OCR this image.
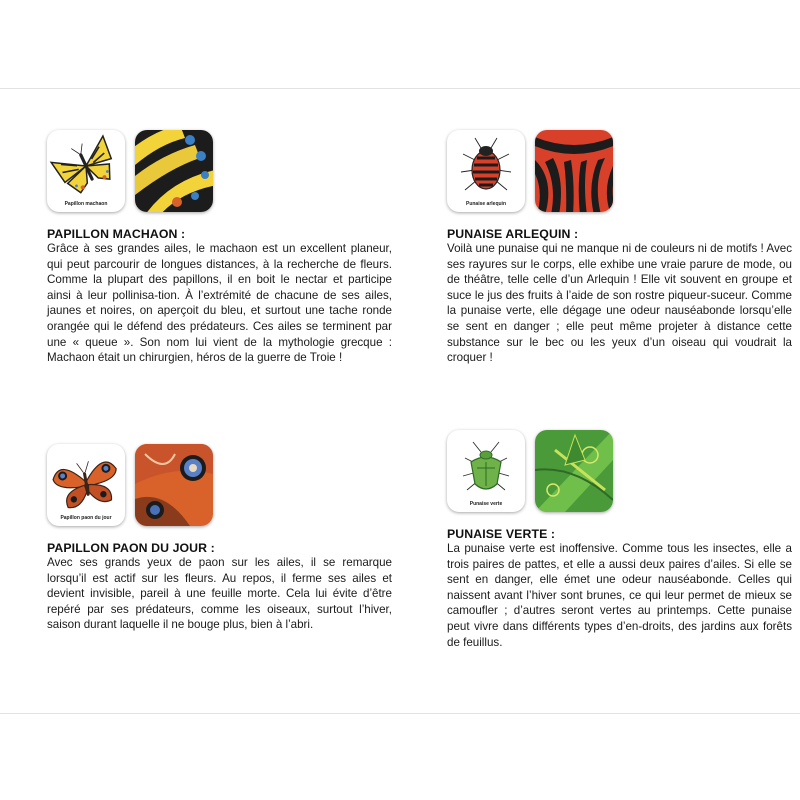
Papillon machaon
PAPILLON MACHAON :

Grâce à ses grandes ailes, le machaon est un excellent planeur, qui peut parcourir de longues distances, à la recherche de fleurs. Comme la plupart des papillons, il en boit le nectar et participe ainsi à leur pollinisa-tion. À l’extrémité de chacune de ses ailes, jaunes et noires, on aperçoit du bleu, et surtout une tache ronde orangée qui le défend des prédateurs. Ces ailes se terminent par une « queue ». Son nom lui vient de la mythologie grecque : Machaon était un chirurgien, héros de la guerre de Troie !

Punaise arlequin
PUNAISE ARLEQUIN :

Voilà une punaise qui ne manque ni de couleurs ni de motifs ! Avec ses rayures sur le corps, elle exhibe une vraie parure de mode, ou de théâtre, telle celle d’un Arlequin ! Elle vit souvent en groupe et suce le jus des fruits à l’aide de son rostre piqueur-suceur. Comme la punaise verte, elle dégage une odeur nauséabonde lorsqu’elle se sent en danger ; elle peut même projeter à distance cette substance sur le bec ou les yeux d’un oiseau qui voudrait la croquer !

Papillon paon du jour
PAPILLON PAON DU JOUR :

Avec ses grands yeux de paon sur les ailes, il se remarque lorsqu’il est actif sur les fleurs. Au repos, il ferme ses ailes et devient invisible, pareil à une feuille morte. Cela lui évite d’être repéré par ses prédateurs, comme les oiseaux, surtout l’hiver, saison durant laquelle il ne bouge plus, bien à l’abri.

Punaise verte
PUNAISE VERTE :

La punaise verte est inoffensive. Comme tous les insectes, elle a trois paires de pattes, et elle a aussi deux paires d’ailes. Si elle se sent en danger, elle émet une odeur nauséabonde. Celles qui naissent avant l’hiver sont brunes, ce qui leur permet de mieux se camoufler ; d’autres seront vertes au printemps. Cette punaise peut vivre dans différents types d’en-droits, des jardins aux forêts de feuillus.
